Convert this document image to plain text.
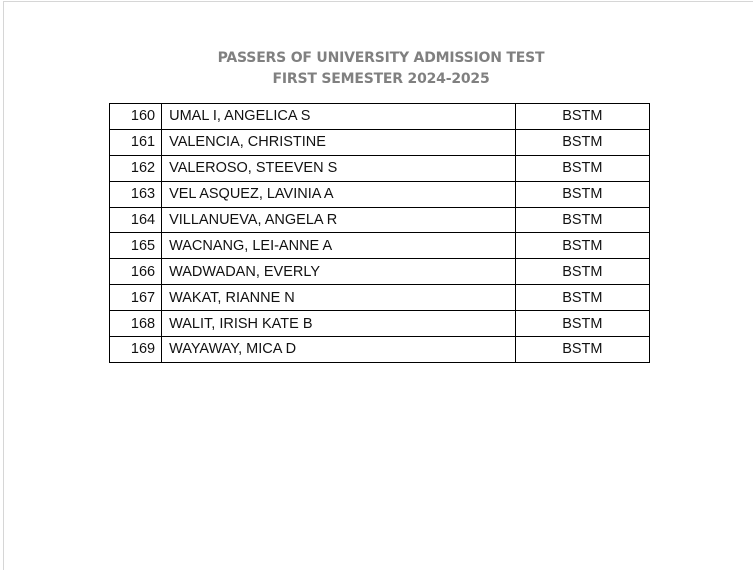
PASSERS OF UNIVERSITY ADMISSION TEST
FIRST SEMESTER 2024-2025
160	UMAL I, ANGELICA S	BSTM
161	VALENCIA, CHRISTINE	BSTM
162	VALEROSO, STEEVEN S	BSTM
163	VEL ASQUEZ, LAVINIA A	BSTM
164	VILLANUEVA, ANGELA R	BSTM
165	WACNANG, LEI-ANNE A	BSTM
166	WADWADAN, EVERLY	BSTM
167	WAKAT, RIANNE N	BSTM
168	WALIT, IRISH KATE B	BSTM
169	WAYAWAY, MICA D	BSTM
